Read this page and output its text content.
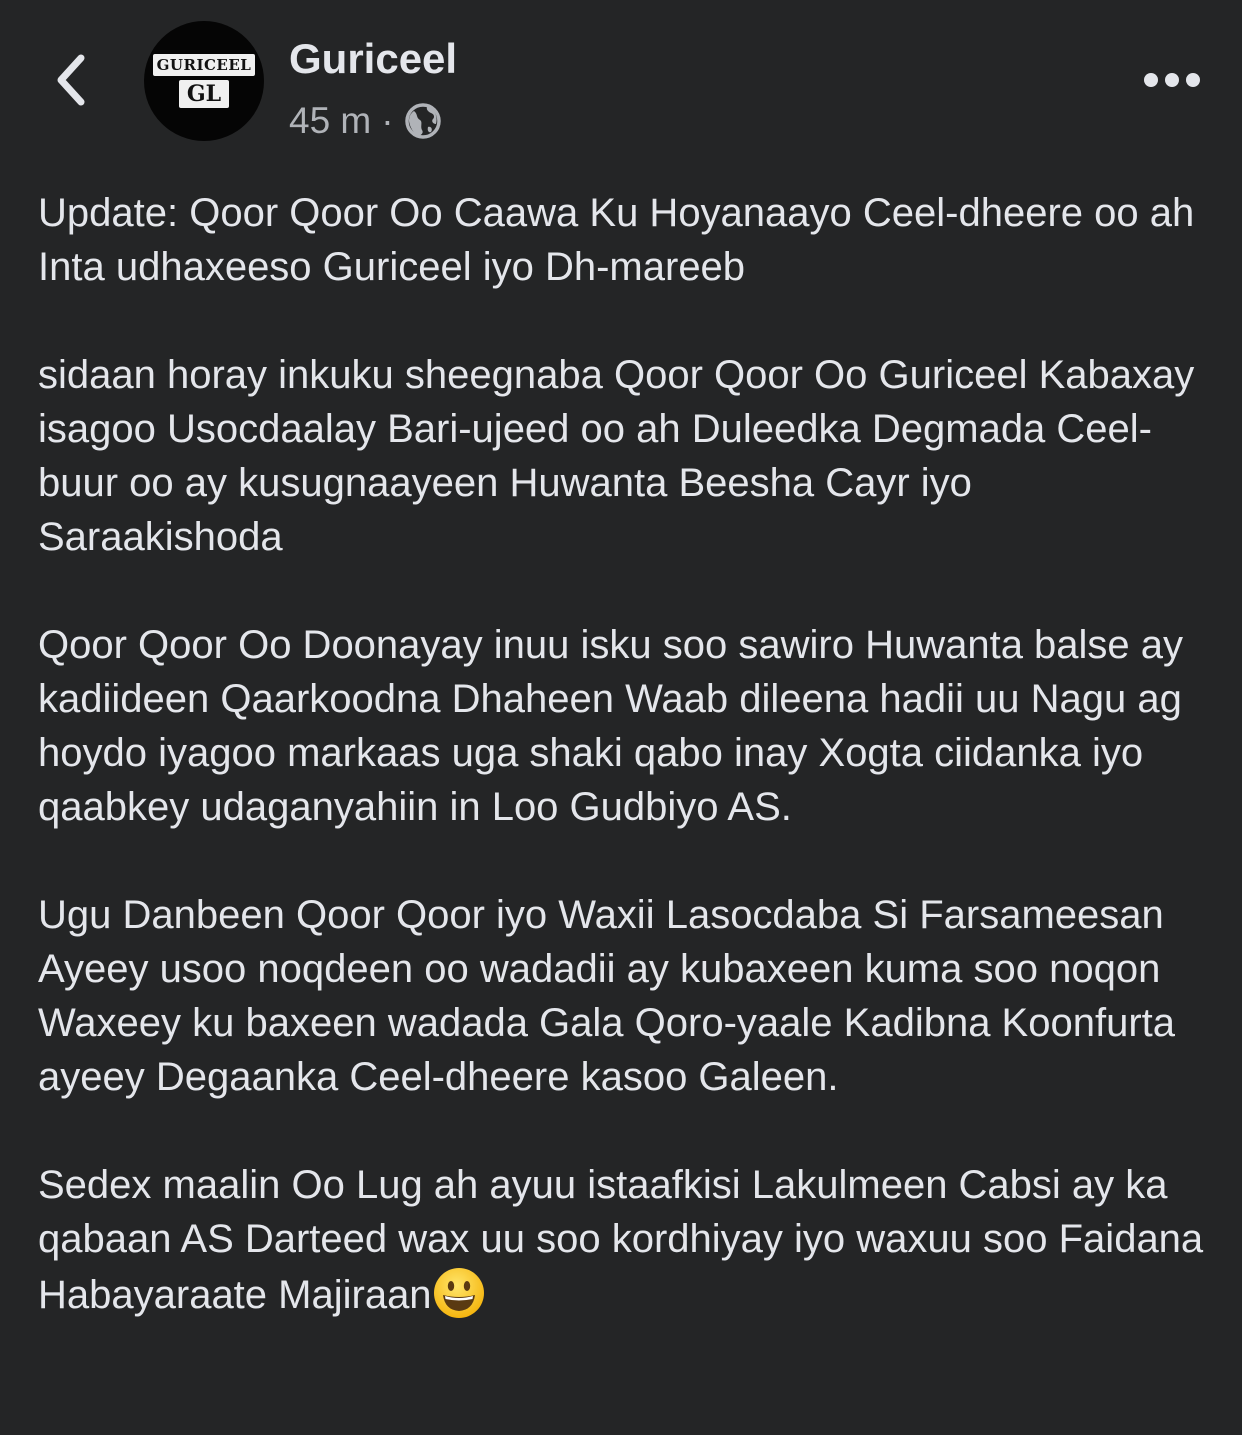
GURICEEL
GL
Guriceel
45 m ·

Update: Qoor Qoor Oo Caawa Ku Hoyanaayo Ceel-dheere oo ah Inta udhaxeeso Guriceel iyo Dh-mareeb

sidaan horay inkuku sheegnaba Qoor Qoor Oo Guriceel Kabaxay isagoo Usocdaalay Bari-ujeed oo ah Duleedka Degmada Ceel-buur oo ay kusugnaayeen Huwanta Beesha Cayr iyo Saraakishoda

Qoor Qoor Oo Doonayay inuu isku soo sawiro Huwanta balse ay kadiideen Qaarkoodna Dhaheen Waab dileena hadii uu Nagu ag hoydo iyagoo markaas uga shaki qabo inay Xogta ciidanka iyo qaabkey udaganyahiin in Loo Gudbiyo AS.

Ugu Danbeen Qoor Qoor iyo Waxii Lasocdaba Si Farsameesan Ayeey usoo noqdeen oo wadadii ay kubaxeen kuma soo noqon Waxeey ku baxeen wadada Gala Qoro-yaale Kadibna Koonfurta ayeey Degaanka Ceel-dheere kasoo Galeen.

Sedex maalin Oo Lug ah ayuu istaafkisi Lakulmeen Cabsi ay ka qabaan AS Darteed wax uu soo kordhiyay iyo waxuu soo Faidana Habayaraate Majiraan
